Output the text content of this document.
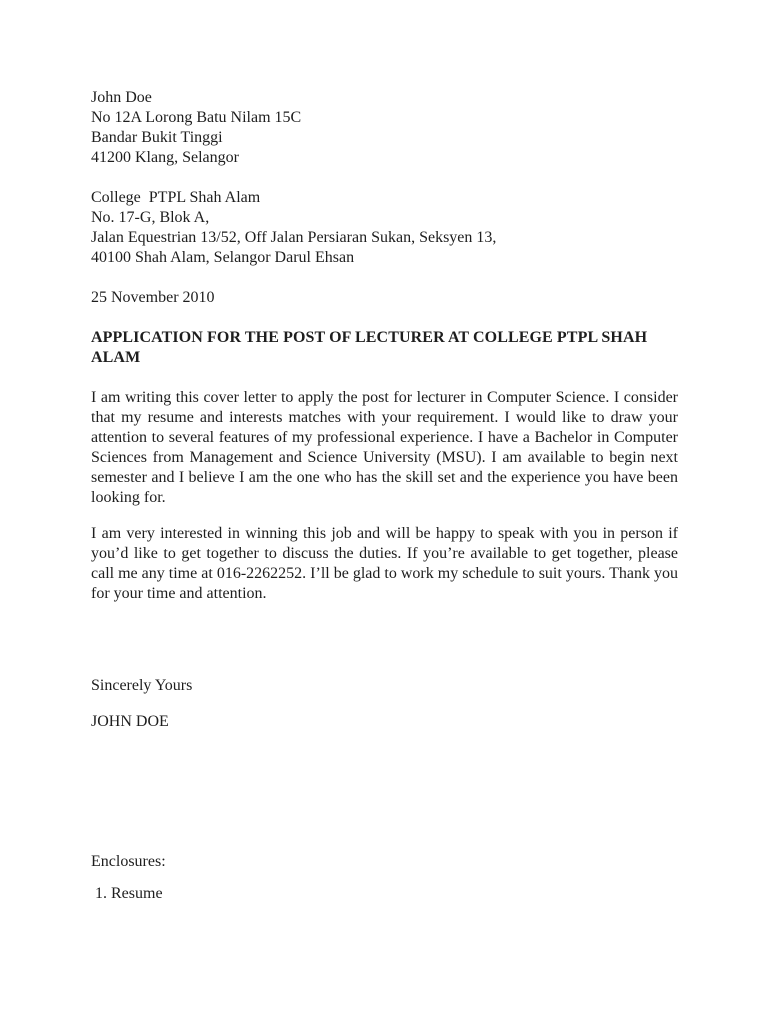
John Doe
No 12A Lorong Batu Nilam 15C
Bandar Bukit Tinggi
41200 Klang, Selangor
College  PTPL Shah Alam
No. 17-G, Blok A,
Jalan Equestrian 13/52, Off Jalan Persiaran Sukan, Seksyen 13,
40100 Shah Alam, Selangor Darul Ehsan
25 November 2010
APPLICATION FOR THE POST OF LECTURER AT COLLEGE PTPL SHAH ALAM

I am writing this cover letter to apply the post for lecturer in Computer Science. I consider that my resume and interests matches with your requirement. I would like to draw your attention to several features of my professional experience. I have a Bachelor in Computer Sciences from Management and Science University (MSU). I am available to begin next semester and I believe I am the one who has the skill set and the experience you have been looking for.

I am very interested in winning this job and will be happy to speak with you in person if you’d like to get together to discuss the duties. If you’re available to get together, please call me any time at 016-2262252. I’ll be glad to work my schedule to suit yours. Thank you for your time and attention.

Sincerely Yours
JOHN DOE
Enclosures:
1. Resume
